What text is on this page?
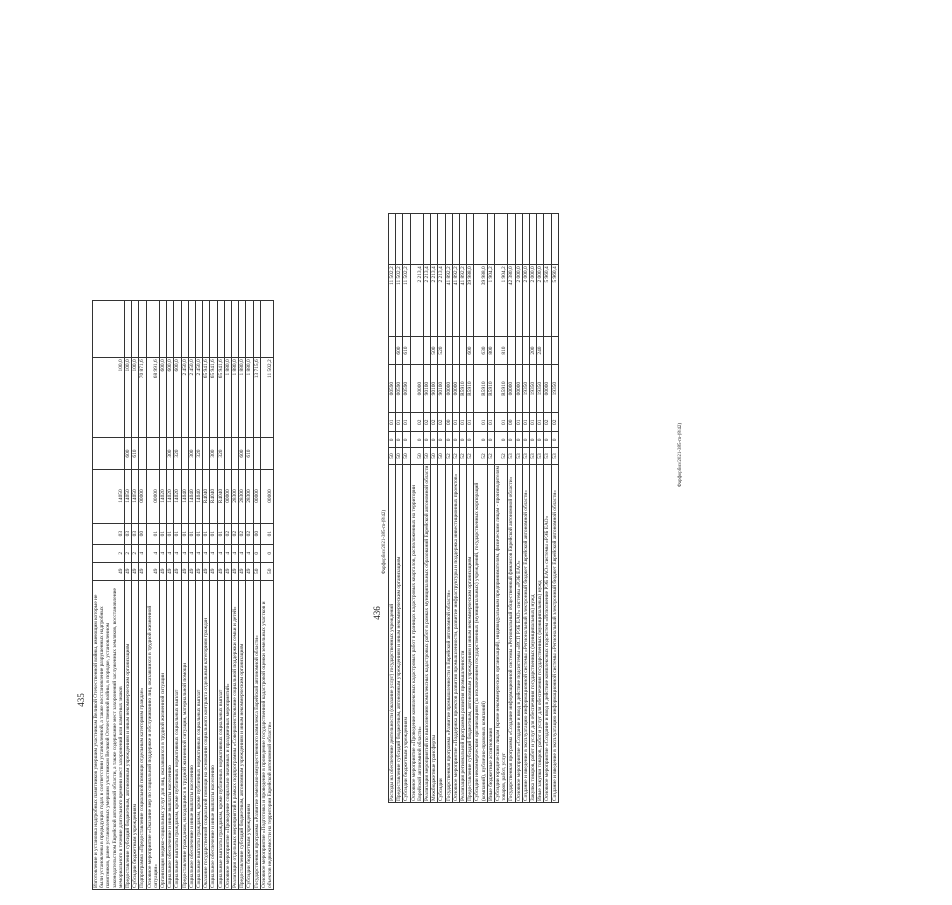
435 Изготовление и установка надгробных памятников умершим участникам Великой Отечественной войны, имеющим которые не были установлены в предыдущих годах в соответствии установленной, а также восстановление разрушенных надгробных памятников, ранее установленных умершим участникам Великой Отечественной войны, в порядке, установленном законодательством Еврейской автономной области, а также содержание мест захоронений заслуженных земляков, восстановление мемориального в течение длительного времени мест захоронений или памятных знаков	49	2	03	14050		100,0	
Предоставление субсидий бюджетным, автономным учреждениям и иным некоммерческим организациям	49	2	03	14050	600	100,0	
Субсидии бюджетным учреждениям	49	2	03	14050	610	100,0	
Подпрограмма «Предоставление социальной помощи отдельным категориям граждан»	49	4	00	00000		70 871,6	
Основное мероприятие «Оказание мер по социальной поддержке и обслуживанию лиц, оказавшихся в трудной жизненной ситуации»	49	4	01	00000		68 991,6	
Организация медико-социальных услуг для лиц, оказавшихся в трудной жизненной ситуации	49	4	01	14020		600,0	
Социальное обеспечение и иные выплаты населению	49	4	01	14020	300	600,0	
Социальные выплаты гражданам, кроме публичных нормативных социальных выплат	49	4	01	14020	320	600,0	
Предоставление гражданам, находящимся в трудной жизненной ситуации, материальной помощи	49	4	01	14040		2 450,0	
Социальное обеспечение и иные выплаты населению	49	4	01	14040	300	2 450,0	
Социальные выплаты гражданам, кроме публичных нормативных социальных выплат	49	4	01	14040	320	2 450,0	
Оказание государственной социальной помощи на основании социального контракта отдельным категориям граждан	49	4	01	R4040		65 941,6	
Социальное обеспечение и иные выплаты населению	49	4	01	R4040	300	65 941,6	
Социальные выплаты гражданам, кроме публичных нормативных социальных выплат	49	4	01	R4040	320	65 941,6	
Основное мероприятие «Проведение социально значимых и праздничных мероприятий»	49	4	02	00000		1 880,0	
Реализация отдельных мероприятий в рамках подпрограммы «Совершенствование социальной поддержки семьи и детей»	49	4	02	28300		1 880,0	
Предоставление субсидий бюджетным, автономным учреждениям и иным некоммерческим организациям	49	4	02	28300	600	1 880,0	
Субсидии бюджетным учреждениям	49	4	02	28300	610	1 880,0	
Государственная программа «Развитие земельно-имущественного комплекса Еврейской автономной области»	50	0	00	00000		13 715,6	
Основное мероприятие «Подготовка и проведение в проведение государственной кадастровой оценки земельных участков и объектов недвижимости на территории Еврейской автономной области»	50	0	01	00000		11 502,2	
Фарфорбиз/2021-385-m-(8/42)
436 Расходы на обеспечение деятельности (оказание услуг) государственных учреждений	50	0	01	00590		11 502,2	
Предоставление субсидий бюджетным, автономным учреждениям и иным некоммерческим организациям	50	0	01	00590	600	11 502,2	
Субсидии бюджетным учреждениям	50	0	01	00590	610	11 502,2	
Основное мероприятие «Проведение комплексных кадастровых работ в границах кадастровых кварталов, расположенных на территории Еврейской автономной области»	50	0	02	00000		2 213,4	
Реализация мероприятий по выполнению комплексных кадастровых работ в рамках муниципальных образований Еврейской автономной области	50	0	02	90100		2 213,4	
Межбюджетные трансферты	50	0	02	90100	500	2 213,4	
Субсидии	50	0	02	90100	520	2 213,4	
Государственная программа «Развитие промышленности в Еврейской автономной области»	52	0	00	00000		41 892,2	
Основное мероприятие «Поддержка проектов развития промышленности, развитие инфраструктуры и поддержка инвестиционных проектов»	52	0	01	00000		41 892,2	
Реализация региональной программы развития промышленности	52	0	01	R5910		41 892,2	
Предоставление субсидий бюджетным, автономным учреждениям и иным некоммерческим организациям	52	0	01	R5910	600	39 988,0	
Субсидии некоммерческим организациям (за исключением государственных (муниципальных) учреждений, государственных корпораций (компаний), публично-правовых компаний)	52	0	01	R5910	630	39 988,0	
Иные бюджетные ассигнования	52	0	01	R5910	800	1 904,2	
Субсидии юридическим лицам (кроме некоммерческих организаций), индивидуальным предпринимателям, физическим лицам - производителям товаров, работ, услуг	52	0	01	R5910	810	1 904,2	
Государственная программа «Создание информационной системы «Региональный общественный финансов Еврейской автономной области»	53	0	00	00000		42 380,0	
Основное мероприятие «Создание и ввод в действие подсистемы «ИСП РЭБ ЕАО» системы «РЭБ ЕАО»	53	0	01	00000		2 000,0	
Создание и введение в эксплуатацию информационной системы «Региональный электронный бюджет Еврейской автономной области»	53	0	01	19350		2 000,0	
Закупка товаров, работ и услуг для обеспечения государственных (муниципальных) нужд	53	0	01	19350	200	2 000,0	
Иные закупки товаров, работ и услуг для обеспечения государственных (муниципальных) нужд	53	0	01	19350	240	2 000,0	
Основное мероприятие «Создание и ввод в действие комплексных подсистем «Исполнение РЭБ ЕАО» системы «РЭБ ЕАО»	53	0	02	00000		5 960,4	
Создание и введение в эксплуатацию информационной системы «Региональный электронный бюджет Еврейской автономной области»	53	0	02	19350		5 960,4	
Фарфорбиз/2021-385-m-(8/42)
